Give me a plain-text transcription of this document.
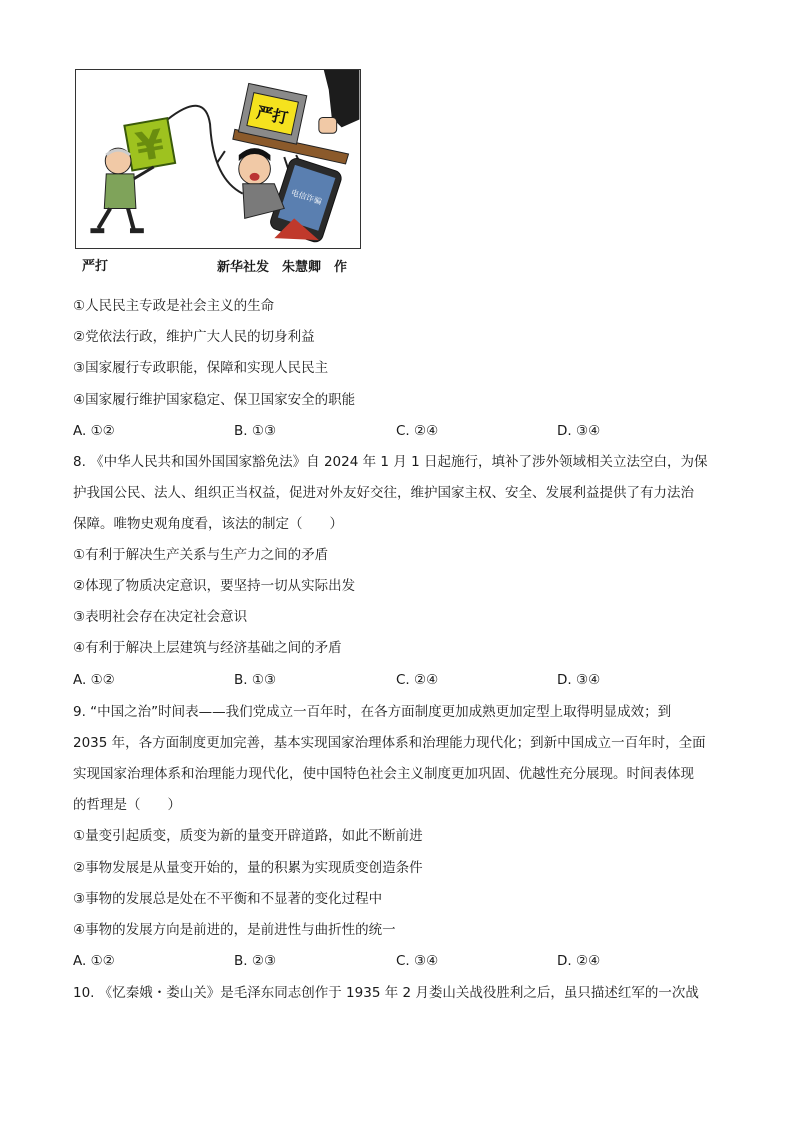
严打
电信诈骗
¥
严打	新华社发　朱慧卿　作
①人民民主专政是社会主义的生命
②党依法行政，维护广大人民的切身利益
③国家履行专政职能，保障和实现人民民主
④国家履行维护国家稳定、保卫国家安全的职能
A. ①②	B. ①③	C. ②④	D. ③④
8. 《中华人民共和国外国国家豁免法》自 2024 年 1 月 1 日起施行，填补了涉外领域相关立法空白，为保
护我国公民、法人、组织正当权益，促进对外友好交往，维护国家主权、安全、发展利益提供了有力法治
保障。唯物史观角度看，该法的制定（　　）
①有利于解决生产关系与生产力之间的矛盾
②体现了物质决定意识，要坚持一切从实际出发
③表明社会存在决定社会意识
④有利于解决上层建筑与经济基础之间的矛盾
A. ①②	B. ①③	C. ②④	D. ③④
9. “中国之治”时间表——我们党成立一百年时，在各方面制度更加成熟更加定型上取得明显成效；到
2035 年，各方面制度更加完善，基本实现国家治理体系和治理能力现代化；到新中国成立一百年时，全面
实现国家治理体系和治理能力现代化，使中国特色社会主义制度更加巩固、优越性充分展现。时间表体现
的哲理是（　　）
①量变引起质变，质变为新的量变开辟道路，如此不断前进
②事物发展是从量变开始的，量的积累为实现质变创造条件
③事物的发展总是处在不平衡和不显著的变化过程中
④事物的发展方向是前进的，是前进性与曲折性的统一
A. ①②	B. ②③	C. ③④	D. ②④
10. 《忆秦娥・娄山关》是毛泽东同志创作于 1935 年 2 月娄山关战役胜利之后，虽只描述红军的一次战
